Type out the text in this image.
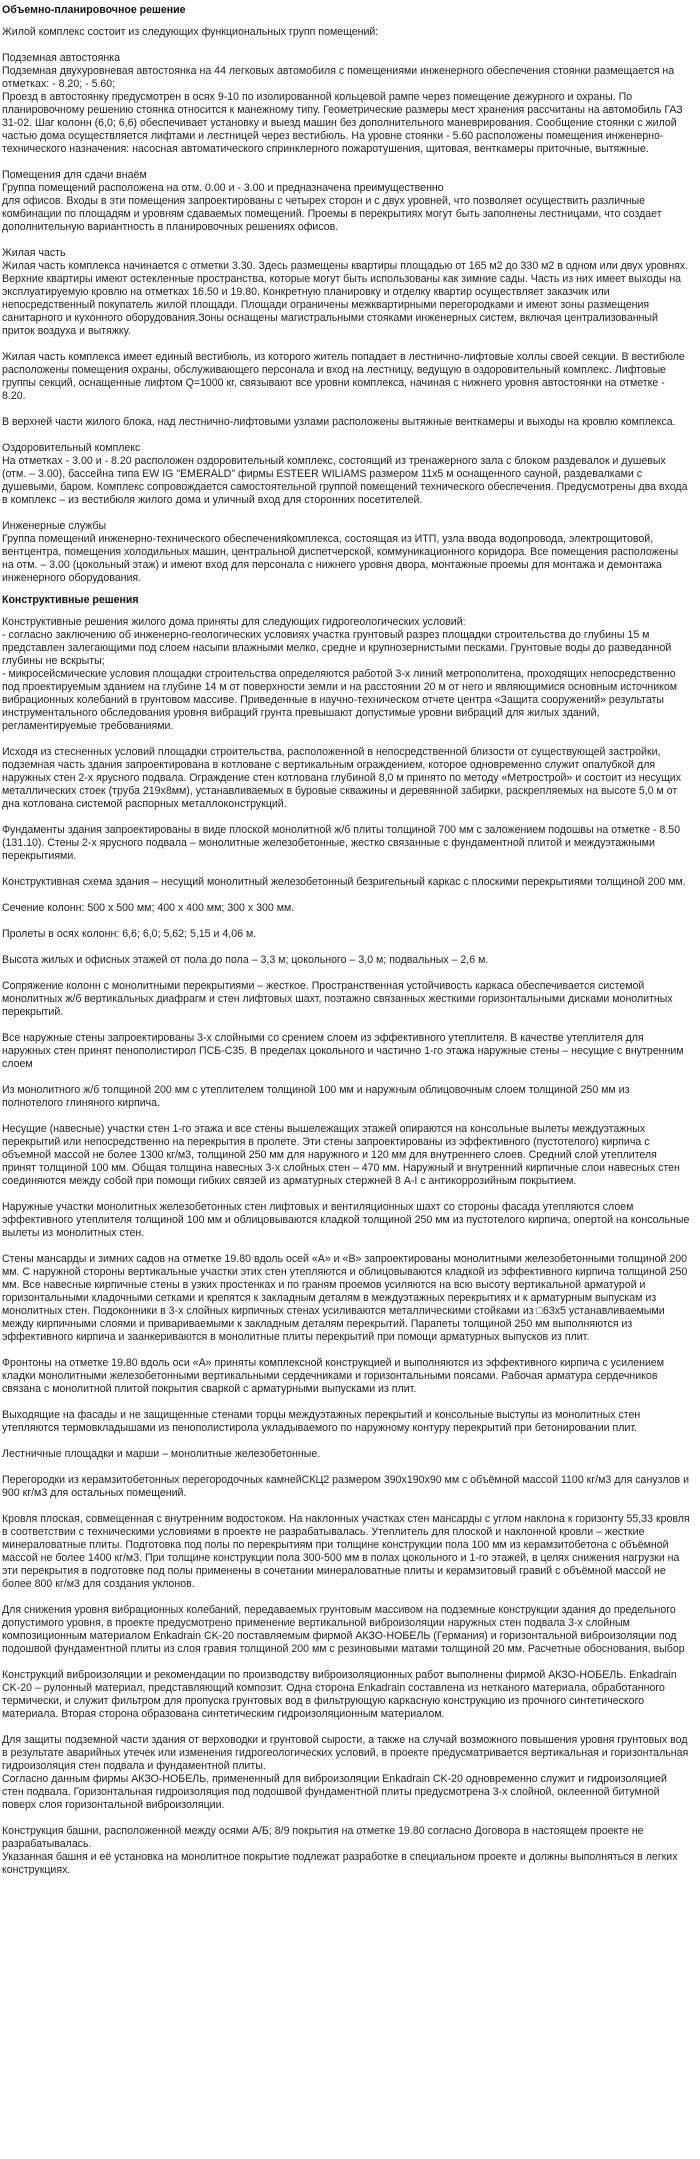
Объемно-планировочное решение

Жилой комплекс состоит из следующих функциональных групп помещений:

Подземная автостоянка
Подземная двухуровневая автостоянка на 44 легковых автомобиля с помещениями инженерного обеспечения стоянки размещается на отметках: - 8.20; - 5.60;
Проезд в автостоянку предусмотрен в осях 9-10 по изолированной кольцевой рампе через помещение дежурного и охраны. По планировочному решению стоянка относится к манежному типу. Геометрические размеры мест хранения рассчитаны на автомобиль ГАЗ 31-02. Шаг колонн (6,0; 6,6) обеспечивает установку и выезд машин без дополнительного маневрирования. Сообщение стоянки с жилой частью дома осуществляется лифтами и лестницей через вестибюль. На уровне стоянки - 5.60 расположены помещения инженерно-технического назначения: насосная автоматического спринклерного пожаротушения, щитовая, венткамеры приточные, вытяжные.

Помещения для сдачи внаём
Группа помещений расположена на отм. 0.00 и - 3.00 и предназначена преимущественно
для офисов. Входы в эти помещения запроектированы с четырех сторон и с двух уровней, что позволяет осуществить различные комбинации по площадям и уровням сдаваемых помещений. Проемы в перекрытиях могут быть заполнены лестницами, что создает дополнительную вариантность в планировочных решениях офисов.

Жилая часть
Жилая часть комплекса начинается с отметки 3.30. Здесь размещены квартиры площадью от 165 м2 до 330 м2 в одном или двух уровнях. Верхние квартиры имеют остекленные пространства, которые могут быть использованы как зимние сады. Часть из них имеет выходы на эксплуатируемую кровлю на отметках 16.50 и 19.80. Конкретную планировку и отделку квартир осуществляет заказчик или непосредственный покупатель жилой площади. Площади ограничены межквартирными перегородками и имеют зоны размещения санитарного и кухонного оборудования.Зоны оснащены магистральными стояками инженерных систем, включая централизованный приток воздуха и вытяжку.

Жилая часть комплекса имеет единый вестибюль, из которого житель попадает в лестнично-лифтовые холлы своей секции. В вестибюле расположены помещения охраны, обслуживающего персонала и вход на лестницу, ведущую в оздоровительный комплекс. Лифтовые группы секций, оснащенные лифтом Q=1000 кг, связывают все уровни комплекса, начиная с нижнего уровня автостоянки на отметке - 8.20.

В верхней части жилого блока, над лестнично-лифтовыми узлами расположены вытяжные венткамеры и выходы на кровлю комплекса.

Оздоровительный комплекс
На отметках - 3.00 и - 8.20 расположен оздоровительный комплекс, состоящий из тренажерного зала с блоком раздевалок и душевых (отм. – 3.00), бассейна типа EW IG "EMERALD" фирмы ESTEER WILIAMS размером 11х5 м оснащенного сауной, раздевалками с душевыми, баром. Комплекс сопровождается самостоятельной группой помещений технического обеспечения. Предусмотрены два входа в комплекс – из вестибюля жилого дома и уличный вход для сторонних посетителей.

Инженерные службы
Группа помещений инженерно-технического обеспеченияkомплекса, состоящая из ИТП, узла ввода водопровода, электрощитовой, вентцентра, помещения холодильных машин, центральной диспетчерской, коммуникационного коридора. Все помещения расположены на отм. – 3.00 (цокольный этаж) и имеют вход для персонала с нижнего уровня двора, монтажные проемы для монтажа и демонтажа инженерного оборудования.

Конструктивные решения

Конструктивные решения жилого дома приняты для следующих гидрогеологических условий:
- согласно заключению об инженерно-геологических условиях участка грунтовый разрез площадки строительства до глубины 15 м представлен залегающими под слоем насыпи влажными мелко, средне и крупнозернистыми песками. Грунтовые воды до разведанной глубины не вскрыты;
- микросейсмические условия площадки строительства определяются работой 3-х линий метрополитена, проходящих непосредственно под проектируемым зданием на глубине 14 м от поверхности земли и на расстоянии 20 м от него и являющимися основным источником вибрационных колебаний в грунтовом массиве. Приведенные в научно-техническом отчете центра «Защита сооружений» результаты инструментального обследования уровня вибраций грунта превышают допустимые уровни вибраций для жилых зданий, регламентируемые требованиями.

Исходя из стесненных условий площадки строительства, расположенной в непосредственной близости от существующей застройки, подземная часть здания запроектирована в котловане с вертикальным ограждением, которое одновременно служит опалубкой для наружных стен 2-х ярусного подвала. Ограждение стен котлована глубиной 8,0 м принято по методу «Метрострой» и состоит из несущих металлических стоек (труба 219х8мм), устанавливаемых в буровые скважины и деревянной забирки, раскрепляемых на высоте 5,0 м от дна котлована системой распорных металлоконструкций.

Фундаменты здания запроектированы в виде плоской монолитной ж/б плиты толщиной 700 мм с заложением подошвы на отметке - 8.50 (131.10). Стены 2-х ярусного подвала – монолитные железобетонные, жестко связанные с фундаментной плитой и междуэтажными перекрытиями.

Конструктивная схема здания – несущий монолитный железобетонный безригельный каркас с плоскими перекрытиями толщиной 200 мм.

Сечение колонн: 500 х 500 мм; 400 х 400 мм; 300 х 300 мм.

Пролеты в осях колонн: 6,6; 6,0; 5,62; 5,15 и 4,06 м.

Высота жилых и офисных этажей от пола до пола – 3,3 м; цокольного – 3,0 м; подвальных – 2,6 м.

Сопряжение колонн с монолитными перекрытиями – жесткое. Пространственная устойчивость каркаса обеспечивается системой монолитных ж/б вертикальных диафрагм и стен лифтовых шахт, поэтажно связанных жесткими горизонтальными дисками монолитных перекрытий.

Все наружные стены запроектированы 3-х слойными со срением слоем из эффективного утеплителя. В качестве утеплителя для наружных стен принят пенополистирол ПСБ-С35. В пределах цокольного и частично 1-го этажа наружные стены – несущие с внутренним слоем

Из монолитного ж/б толщиной 200 мм с утеплителем толщиной 100 мм и наружным облицовочным слоем толщиной 250 мм из полнотелого глиняного кирпича.

Несущие (навесные) участки стен 1-го этажа и все стены вышележащих этажей опираются на консольные вылеты междуэтажных перекрытий или непосредственно на перекрытия в пролете. Эти стены запроектированы из эффективного (пустотелого) кирпича с объемной массой не более 1300 кг/м3, толщиной 250 мм для наружного и 120 мм для внутреннего слоев. Средний слой утеплителя принят толщиной 100 мм. Общая толщина навесных 3-х слойных стен – 470 мм. Наружный и внутренний кирпичные слои навесных стен соединяются между собой при помощи гибких связей из арматурных стержней 8 А-I с антикоррозийным покрытием.

Наружные участки монолитных железобетонных стен лифтовых и вентиляционных шахт со стороны фасада утепляются слоем эффективного утеплителя толщиной 100 мм и облицовываются кладкой толщиной 250 мм из пустотелого кирпича, опертой на консольные вылеты из монолитных стен.

Стены мансарды и зимних садов на отметке 19.80 вдоль осей «А» и «В» запроектированы монолитными железобетонными толщиной 200 мм. С наружной стороны вертикальные участки этих стен утепляются и облицовываются кладкой из эффективного кирпича толщиной 250 мм. Все навесные кирпичные стены в узких простенках и по граням проемов усиляются на всю высоту вертикальной арматурой и горизонтальными кладочными сетками и крепятся к закладным деталям в междуэтажных перекрытиях и к арматурным выпускам из монолитных стен. Подоконники в 3-х слойных кирпичных стенах усиливаются металлическими стойками из □63х5 устанавливаемыми между кирпичными слоями и привариваемыми к закладным деталям перекрытий. Парапеты толщиной 250 мм выполняются из эффективного кирпича и заанкериваются в монолитные плиты перекрытий при помощи арматурных выпусков из плит.

Фронтоны на отметке 19.80 вдоль оси «А» приняты комплексной конструкцией и выполняются из эффективного кирпича с усилением кладки монолитными железобетонными вертикальными сердечниками и горизонтальными поясами. Рабочая арматура сердечников связана с монолитной плитой покрытия сваркой с арматурными выпусками из плит.

Выходящие на фасады и не защищенные стенами торцы междуэтажных перекрытий и консольные выступы из монолитных стен утепляются термовкладышами из пенополистирола укладываемого по наружному контуру перекрытий при бетонировании плит.

Лестничные площадки и марши – монолитные железобетонные.

Перегородки из керамзитобетонных перегородочных камнейСКЦ2 размером 390х190х90 мм с объёмной массой 1100 кг/м3 для санузлов и 900 кг/м3 для остальных помещений.

Кровля плоская, совмещенная с внутренним водостоком. На наклонных участках стен мансарды с углом наклона к горизонту 55,33 кровля в соответствии с техническими условиями в проекте не разрабатывалась. Утеплитель для плоской и наклонной кровли – жесткие минераловатные плиты. Подготовка под полы по перекрытиям при толщине конструкции пола 100 мм из керамзитобетона с объёмной массой не более 1400 кг/м3. При толщине конструкции пола 300-500 мм в полах цокольного и 1-го этажей, в целях снижения нагрузки на эти перекрытия в подготовке под полы применены в сочетании минераловатные плиты и керамзитовый гравий с объёмной массой не более 800 кг/м3 для создания уклонов.

Для снижения уровня вибрационных колебаний, передаваемых грунтовым массивом на подземные конструкции здания до предельного допустимого уровня, в проекте предусмотрено применение вертикальной виброизоляции наружных стен подвала 3-х слойным композиционным материалом Enkadrain CK-20 поставляемым фирмой АКЗО-НОБЕЛЬ (Германия) и горизонтальной виброизоляции под подошвой фундаментной плиты из слоя гравия толщиной 200 мм с резиновыми матами толщиной 20 мм. Расчетные обоснования, выбор

Конструкций виброизоляции и рекомендации по производству виброизоляционных работ выполнены фирмой АКЗО-НОБЕЛЬ. Enkadrain CK-20 – рулонный материал, представляющий композит. Одна сторона Enkadrain составлена из нетканого материала, обработанного термически, и служит фильтром для пропуска грунтовых вод в фильтрующую каркасную конструкцию из прочного синтетического материала. Вторая сторона образована синтетическим гидроизоляционным материалом.

Для защиты подземной части здания от верховодки и грунтовой сырости, а также на случай возможного повышения уровня грунтовых вод в результате аварийных утечек или изменения гидрогеологических условий, в проекте предусматривается вертикальная и горизонтальная гидроизоляция стен подвала и фундаментной плиты.
Согласно данным фирмы АКЗО-НОБЕЛЬ, примененный для виброизоляции Enkadrain CK-20 одновременно служит и гидроизоляцией стен подвала. Горизонтальная гидроизоляция под подошвой фундаментной плиты предусмотрена 3-х слойной, оклеенной битумной поверх слоя горизонтальной виброизоляции.

Конструкция башни, расположенной между осями А/Б; 8/9 покрытия на отметке 19.80 согласно Договора в настоящем проекте не разрабатывалась.
Указанная башня и её установка на монолитное покрытие подлежат разработке в специальном проекте и должны выполняться в легких конструкциях.
